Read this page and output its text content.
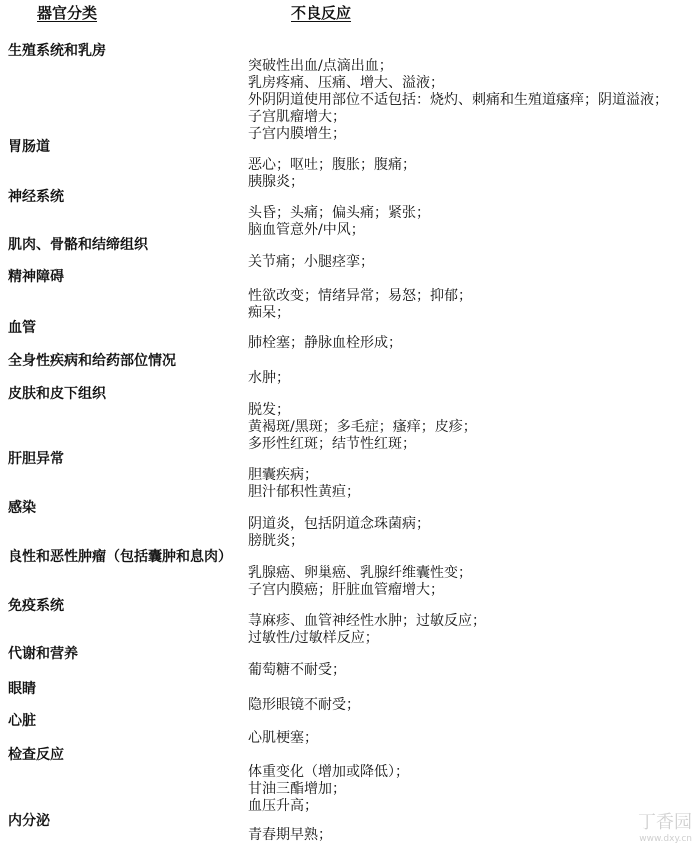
器官分类	不良反应
生殖系统和乳房
突破性出血/点滴出血；
乳房疼痛、压痛、增大、溢液；
外阴阴道使用部位不适包括：烧灼、刺痛和生殖道瘙痒；阴道溢液；
子宫肌瘤增大；
子宫内膜增生；
胃肠道
恶心；呕吐；腹胀；腹痛；
胰腺炎；
神经系统
头昏；头痛；偏头痛；紧张；
脑血管意外/中风；
肌肉、骨骼和结缔组织
关节痛；小腿痉挛；
精神障碍
性欲改变；情绪异常；易怒；抑郁；
痴呆；
血管
肺栓塞；静脉血栓形成；
全身性疾病和给药部位情况
水肿；
皮肤和皮下组织
脱发；
黄褐斑/黑斑；多毛症；瘙痒；皮疹；
多形性红斑；结节性红斑；
肝胆异常
胆囊疾病；
胆汁郁积性黄疸；
感染
阴道炎，包括阴道念珠菌病；
膀胱炎；
良性和恶性肿瘤（包括囊肿和息肉）
乳腺癌、卵巢癌、乳腺纤维囊性变；
子宫内膜癌；肝脏血管瘤增大；
免疫系统
荨麻疹、血管神经性水肿；过敏反应；
过敏性/过敏样反应；
代谢和营养
葡萄糖不耐受；
眼睛
隐形眼镜不耐受；
心脏
心肌梗塞；
检查反应
体重变化（增加或降低）；
甘油三酯增加；
血压升高；
内分泌
青春期早熟；
丁香园
www.dxy.cn
